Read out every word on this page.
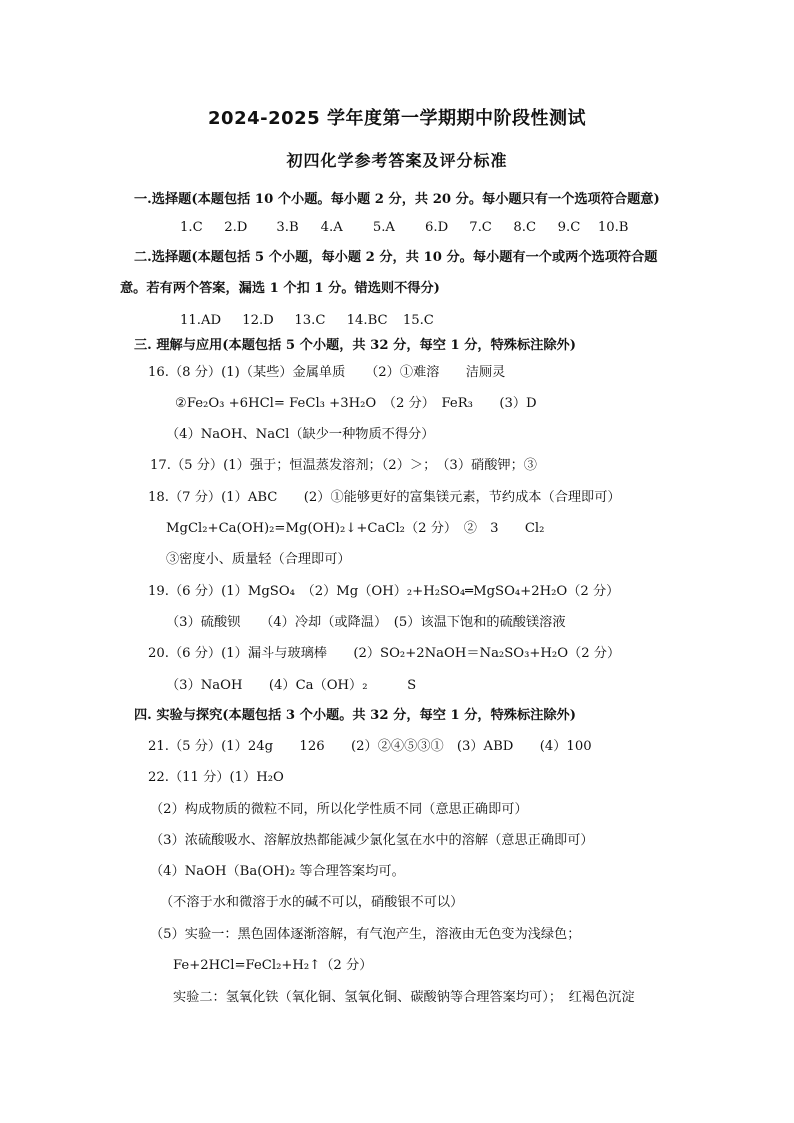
2024-2025 学年度第一学期期中阶段性测试
初四化学参考答案及评分标准
一.选择题(本题包括 10 个小题。每小题 2 分，共 20 分。每小题只有一个选项符合题意)
1.C 2.D 3.B 4.A 5.A 6.D 7.C 8.C 9.C 10.B
二.选择题(本题包括 5 个小题，每小题 2 分，共 10 分。每小题有一个或两个选项符合题
意。若有两个答案，漏选 1 个扣 1 分。错选则不得分)
11.AD 12.D 13.C 14.BC 15.C
三. 理解与应用(本题包括 5 个小题，共 32 分，每空 1 分，特殊标注除外)
16.（8 分）(1)（某些）金属单质　　（2）①难溶　　洁厕灵
②Fe₂O₃ +6HCl= FeCl₃ +3H₂O　（2 分）　FeR₃　　(3）D
（4）NaOH、NaCl（缺少一种物质不得分）
17.（5 分）(1）强于；恒温蒸发溶剂；（2）＞；　（3）硝酸钾；③
18.（7 分）(1）ABC　　(2）①能够更好的富集镁元素，节约成本（合理即可）
MgCl₂+Ca(OH)₂=Mg(OH)₂↓+CaCl₂（2 分）　②　3　　Cl₂
③密度小、质量轻（合理即可）
19.（6 分）(1）MgSO₄　（2）Mg（OH）₂+H₂SO₄═MgSO₄+2H₂O（2 分）
（3）硫酸钡　　（4）冷却（或降温）　(5）该温下饱和的硫酸镁溶液
20.（6 分）(1）漏斗与玻璃棒　　(2）SO₂+2NaOH＝Na₂SO₃+H₂O（2 分）
（3）NaOH　　(4）Ca（OH）₂　　　S
四. 实验与探究(本题包括 3 个小题。共 32 分，每空 1 分，特殊标注除外)
21.（5 分）(1）24g　　126　　(2）②④⑤③①　(3）ABD　　(4）100
22.（11 分）(1）H₂O
（2）构成物质的微粒不同，所以化学性质不同（意思正确即可）
（3）浓硫酸吸水、溶解放热都能减少氯化氢在水中的溶解（意思正确即可）
（4）NaOH（Ba(OH)₂ 等合理答案均可。
（不溶于水和微溶于水的碱不可以，硝酸银不可以）
（5）实验一：黑色固体逐渐溶解，有气泡产生，溶液由无色变为浅绿色；
Fe+2HCl=FeCl₂+H₂↑（2 分）
实验二：氢氧化铁（氧化铜、氢氧化铜、碳酸钠等合理答案均可）；　红褐色沉淀
